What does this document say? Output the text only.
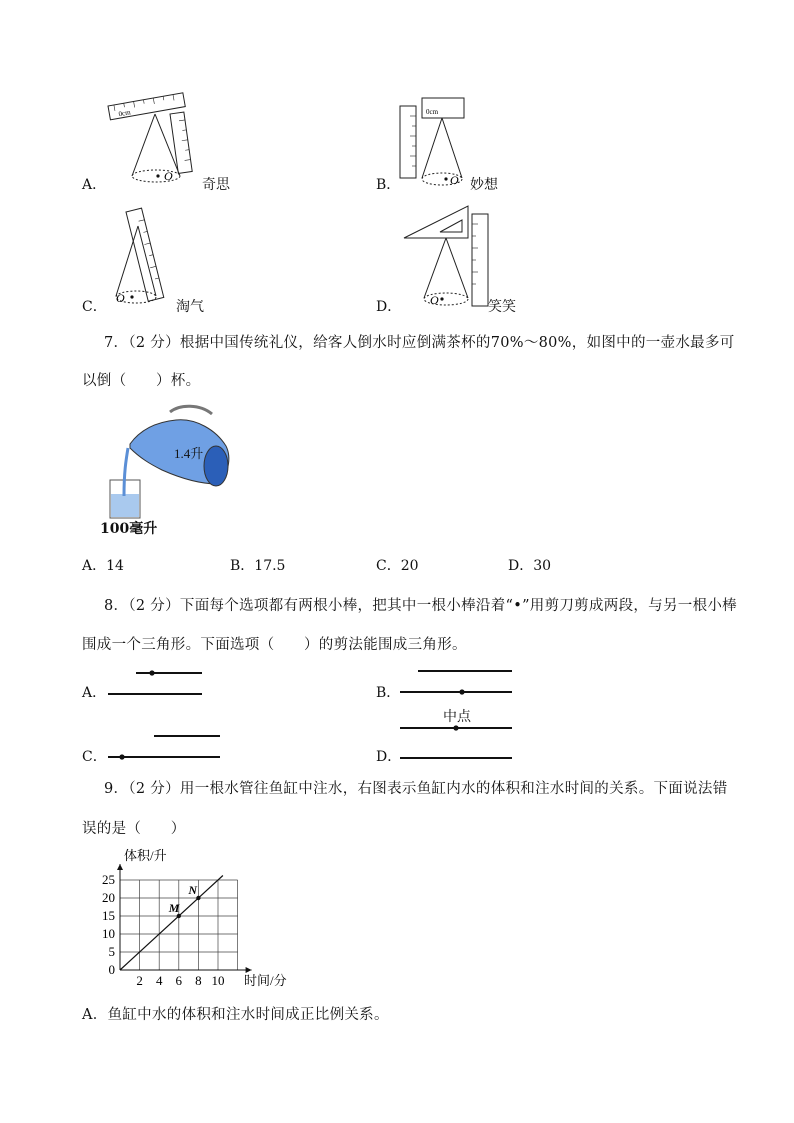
A．
0cm
O
奇思	B．
0cm
O 妙想
C．
O
淘气	D． O	笑笑
7．（2 分）根据中国传统礼仪，给客人倒水时应倒满茶杯的70%～80%，如图中的一壶水最多可
以倒（　　）杯。
1.4升
100毫升
A．14	B．17.5	C．20	D．30
8．（2 分）下面每个选项都有两根小棒，把其中一根小棒沿着“•”用剪刀剪成两段，与另一根小棒
围成一个三角形。下面选项（　　）的剪法能围成三角形。
A．	B．
C．	D．
中点
9．（2 分）用一根水管往鱼缸中注水，右图表示鱼缸内水的体积和注水时间的关系。下面说法错
误的是（　　）
2 4 6 8 10
0
5
10
15
20
25
M
N
体积/升
时间/分
A．鱼缸中水的体积和注水时间成正比例关系。
